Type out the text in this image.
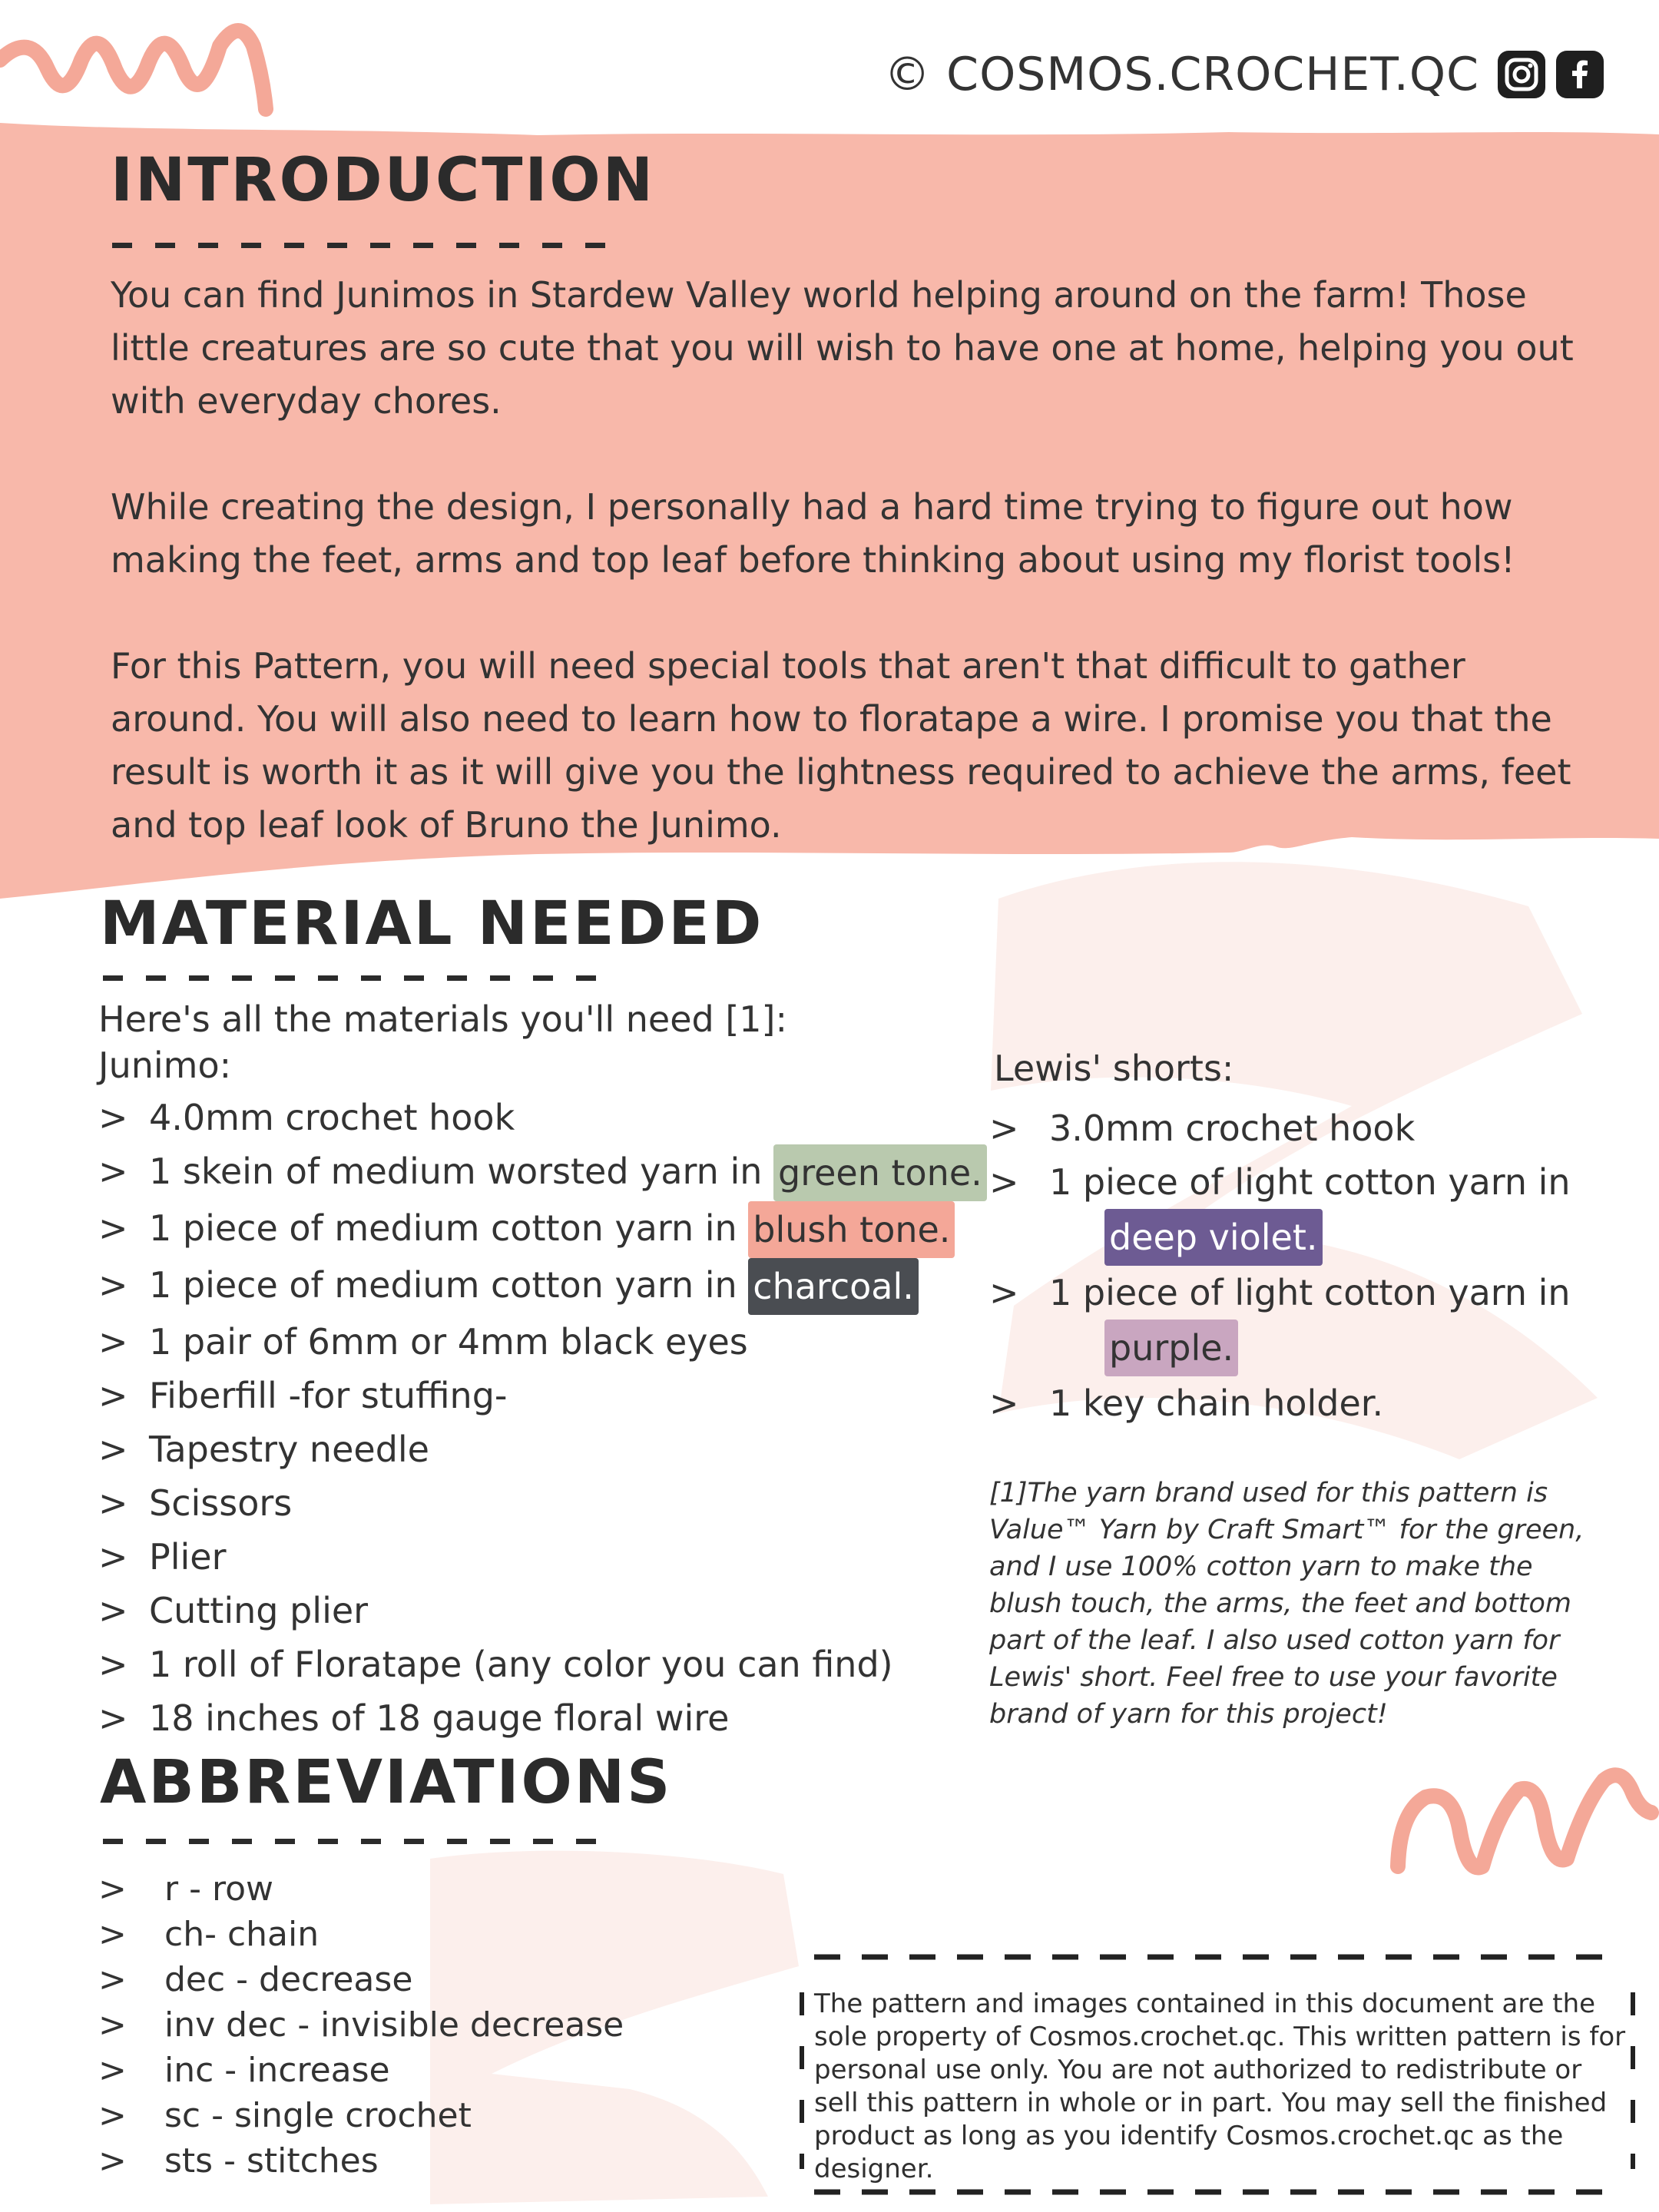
© COSMOS.CROCHET.QC
INTRODUCTION

You can find Junimos in Stardew Valley world helping around on the farm! Those little creatures are so cute that you will wish to have one at home, helping you out with everyday chores.

While creating the design, I personally had a hard time trying to figure out how making the feet, arms and top leaf before thinking about using my florist tools!

For this Pattern, you will need special tools that aren't that difficult to gather around. You will also need to learn how to floratape a wire. I promise you that the result is worth it as it will give you the lightness required to achieve the arms, feet and top leaf look of Bruno the Junimo.

MATERIAL NEEDED
Here's all the materials you'll need [1]:
Junimo:
> 4.0mm crochet hook
> 1 skein of medium worsted yarn in
green tone.
> 1 piece of medium cotton yarn in
blush tone.
> 1 piece of medium cotton yarn in
charcoal.
> 1 pair of 6mm or 4mm black eyes
> Fiberfill -for stuffing-
> Tapestry needle
> Scissors
> Plier
> Cutting plier
> 1 roll of Floratape (any color you can find)
> 18 inches of 18 gauge floral wire
Lewis' shorts:
> 3.0mm crochet hook
> 1 piece of light cotton yarn in
deep violet.
> 1 piece of light cotton yarn in
purple.
> 1 key chain holder.
[1]The yarn brand used for this pattern is Value™ Yarn by Craft Smart™ for the green, and I use 100% cotton yarn to make the blush touch, the arms, the feet and bottom part of the leaf. I also used cotton yarn for Lewis' short. Feel free to use your favorite brand of yarn for this project!
ABBREVIATIONS
>	r - row
>	ch- chain
>	dec - decrease
>	inv dec - invisible decrease
>	inc - increase
>	sc - single crochet
>	sts - stitches
The pattern and images contained in this document are the sole property of Cosmos.crochet.qc. This written pattern is for personal use only. You are not authorized to redistribute or sell this pattern in whole or in part. You may sell the finished product as long as you identify Cosmos.crochet.qc as the designer.
